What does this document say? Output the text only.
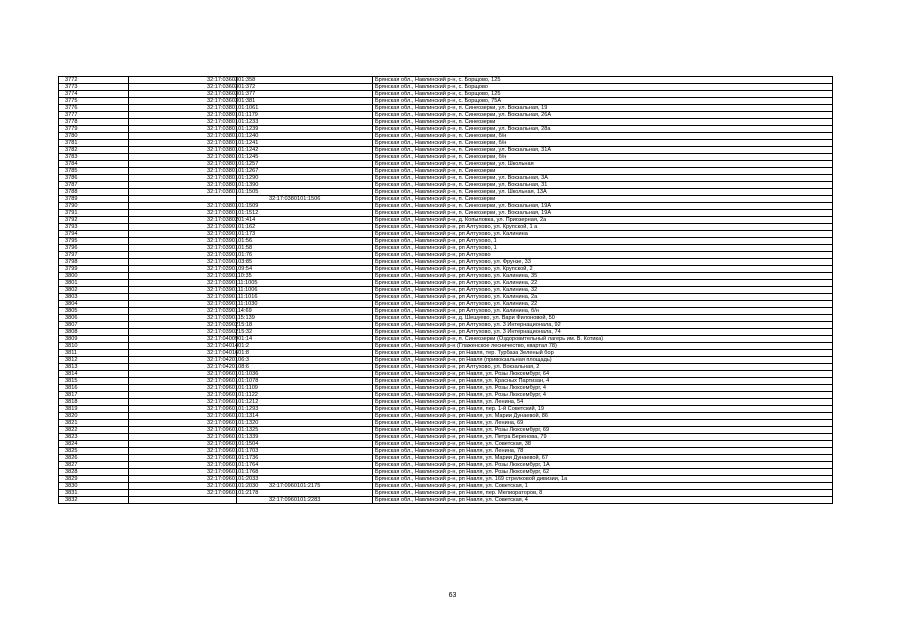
3772	32:17:0360301:358		Брянская обл., Навлинский р-н, с. Борщово, 125
3773	32:17:0360301:372		Брянская обл., Навлинский р-н, с. Борщово
3774	32:17:0360301:377		Брянская обл., Навлинский р-н, с. Борщово, 125
3775	32:17:0360301:381		Брянская обл., Навлинский р-н, с. Борщово, 75А
3776	32:17:0380101:1061		Брянская обл., Навлинский р-н, п. Синеозерки, ул. Вокзальная, 19
3777	32:17:0380101:1179		Брянская обл., Навлинский р-н, п. Синеозерки, ул. Вокзальная, 26А
3778	32:17:0380101:1233		Брянская обл., Навлинский р-н, п. Синеозерки
3779	32:17:0380101:1239		Брянская обл., Навлинский р-н, п. Синеозерки, ул. Вокзальная, 28а
3780	32:17:0380101:1240		Брянская обл., Навлинский р-н, п. Синеозерки, б/н
3781	32:17:0380101:1241		Брянская обл., Навлинский р-н, п. Синеозерки, б/н
3782	32:17:0380101:1242		Брянская обл., Навлинский р-н, п. Синеозерки, ул. Вокзальная, 31А
3783	32:17:0380101:1245		Брянская обл., Навлинский р-н, п. Синеозерки, б/н
3784	32:17:0380101:1257		Брянская обл., Навлинский р-н, п. Синеозерки, ул. Школьная
3785	32:17:0380101:1267		Брянская обл., Навлинский р-н, п. Синеозерки
3786	32:17:0380101:1290		Брянская обл., Навлинский р-н, п. Синеозерки, ул. Вокзальная, 3А
3787	32:17:0380101:1390		Брянская обл., Навлинский р-н, п. Синеозерки, ул. Вокзальная, 31
3788	32:17:0380101:1505		Брянская обл., Навлинский р-н, п. Синеозерки, ул. Школьная, 13А
3789		32:17:0380101:1506	Брянская обл., Навлинский р-н, п. Синеозерки
3790	32:17:0380101:1509		Брянская обл., Навлинский р-н, п. Синеозерки, ул. Вокзальная, 19А
3791	32:17:0380101:1512		Брянская обл., Навлинский р-н, п. Синеозерки, ул. Вокзальная, 19А
3792	32:17:0380201:414		Брянская обл., Навлинский р-н, д. Копыловка, ул. Приозерная, 2а
3793	32:17:0390101:162		Брянская обл., Навлинский р-н, рп Алтухово, ул. Крупской, 1 а
3794	32:17:0390101:173		Брянская обл., Навлинский р-н, рп Алтухово, ул. Калинина
3795	32:17:0390101:56		Брянская обл., Навлинский р-н, рп Алтухово, 1
3796	32:17:0390101:58		Брянская обл., Навлинский р-н, рп Алтухово, 1
3797	32:17:0390101:76		Брянская обл., Навлинский р-н, рп Алтухово
3798	32:17:0390103:85		Брянская обл., Навлинский р-н, рп Алтухово, ул. Фрунзе, 33
3799	32:17:0390109:54		Брянская обл., Навлинский р-н, рп Алтухово, ул. Крупской, 2
3800	32:17:0390110:35		Брянская обл., Навлинский р-н, рп Алтухово, ул. Калинина, 35
3801	32:17:0390111:1005		Брянская обл., Навлинский р-н, рп Алтухово, ул. Калинина, 22
3802	32:17:0390111:1006		Брянская обл., Навлинский р-н, рп Алтухово, ул. Калинина, 32
3803	32:17:0390111:1016		Брянская обл., Навлинский р-н, рп Алтухово, ул. Калинина, 2а
3804	32:17:0390111:1030		Брянская обл., Навлинский р-н, рп Алтухово, ул. Калинина, 22
3805	32:17:0390114:69		Брянская обл., Навлинский р-н, рп Алтухово, ул. Калинина, б/н
3806	32:17:0390115:139		Брянская обл., Навлинский р-н, д. Шешуево, ул. Вари Филоновой, 50
3807	32:17:0390215:18		Брянская обл., Навлинский р-н, рп Алтухово, ул. 3 Интернационала, 92
3808	32:17:0390215:32		Брянская обл., Навлинский р-н, рп Алтухово, ул. 3 Интернационала, 74
3809	32:17:0400901:14		Брянская обл., Навлинский р-н, п. Синеозерки (Оздоровительный лагерь им. В. Котика)
3810	32:17:0401401:2		Брянская обл., Навлинский р-н (Глаженское лесничество, квартал 78)
3811	32:17:0401601:8		Брянская обл., Навлинский р-н, рп Навля, тер. Турбаза Зеленый бор
3812	32:17:0420106:3		Брянская обл., Навлинский р-н, рп Навля (привокзальная площадь)
3813	32:17:0420108:6		Брянская обл., Навлинский р-н, рп Алтухово, ул. Вокзальная, 2
3814	32:17:0960101:1036		Брянская обл., Навлинский р-н, рп Навля, ул. Розы Люксембург, 64
3815	32:17:0960101:1078		Брянская обл., Навлинский р-н, рп Навля, ул. Красных Партизан, 4
3816	32:17:0960101:1109		Брянская обл., Навлинский р-н, рп Навля, ул. Розы Люксембург, 4
3817	32:17:0960101:1122		Брянская обл., Навлинский р-н, рп Навля, ул. Розы Люксембург, 4
3818	32:17:0960101:1212		Брянская обл., Навлинский р-н, рп Навля, ул. Ленина, 54
3819	32:17:0960101:1293		Брянская обл., Навлинский р-н, рп Навля, пер. 1-й Советский, 19
3820	32:17:0960101:1314		Брянская обл., Навлинский р-н, рп Навля, ул. Марии Дунаевой, 86
3821	32:17:0960101:1320		Брянская обл., Навлинский р-н, рп Навля, ул. Ленина, 69
3822	32:17:0960101:1325		Брянская обл., Навлинский р-н, рп Навля, ул. Розы Люксембург, 69
3823	32:17:0960101:1339		Брянская обл., Навлинский р-н, рп Навля, ул. Петра Беренова, 79
3824	32:17:0960101:1504		Брянская обл., Навлинский р-н, рп Навля, ул. Советская, 38
3825	32:17:0960101:1703		Брянская обл., Навлинский р-н, рп Навля, ул. Ленина, 78
3826	32:17:0960101:1736		Брянская обл., Навлинский р-н, рп Навля, ул. Марии Дунаевой, 67
3827	32:17:0960101:1764		Брянская обл., Навлинский р-н, рп Навля, ул. Розы Люксембург, 1А
3828	32:17:0960101:1768		Брянская обл., Навлинский р-н, рп Навля, ул. Розы Люксембург, 62
3829	32:17:0960101:2033		Брянская обл., Навлинский р-н, рп Навля, ул. 169 стрелковой дивизии, 1а
3830	32:17:0960101:2030	32:17:0960101:2175	Брянская обл., Навлинский р-н, рп Навля, ул. Советская, 1
3831	32:17:0960101:2178		Брянская обл., Навлинский р-н, рп Навля, пер. Мелиораторов, 8
3832		32:17:0960101:2283	Брянская обл., Навлинский р-н, рп Навля, ул. Советская, 4
63
